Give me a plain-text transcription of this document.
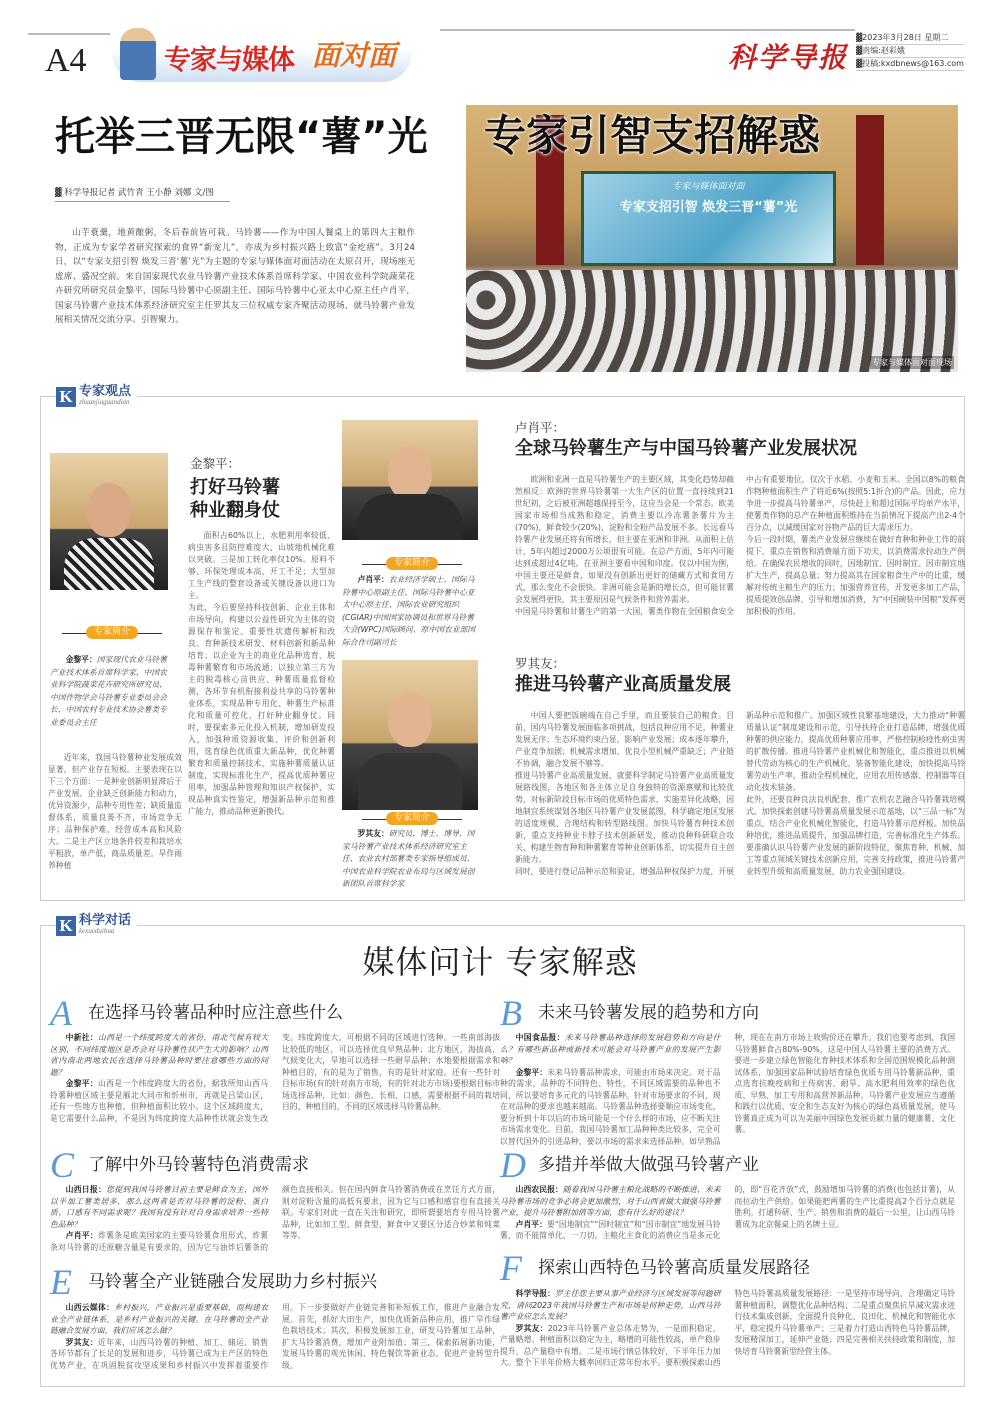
A4	专家与媒体 面对面	科学导报
▓2023年3月28日 星期二
▓责编:赵彩娥
▓投稿:kxdbnews@163.com
专家与媒体面对面
专家支招引智 焕发三晋“薯”光
专家引智支招解惑
专家与媒体面对面现场
托举三晋无限“薯”光
▓ 科学导报记者 武竹青 王小静 刘娜 文/图
山芋蓑羹，地黄酿粥，冬后春前皆可栽。马铃薯——作为中国人餐桌上的第四大主粮作物，正成为专家学者研究探索的食界“新宠儿”，亦成为乡村振兴路上致富“金疙瘩”。3月24日，以“专家支招引智 焕发三晋‘薯’光”为主题的专家与媒体面对面活动在太原召开，现场座无虚席、盛况空前。来自国家现代农业马铃薯产业技术体系首席科学家、中国农业科学院蔬菜花卉研究所研究员金黎平，国际马铃薯中心原副主任、国际马铃薯中心亚太中心原主任卢肖平，国家马铃薯产业技术体系经济研究室主任罗其友三位权威专家齐聚活动现场，就马铃薯产业发展相关情况交流分享、引智聚力。
K 专家观点
zhuanjiaguandian
金黎平：
打好马铃薯
种业翻身仗
专家简介
金黎平：国家现代农业马铃薯产业技术体系首席科学家、中国农业科学院蔬菜花卉研究所研究员、中国作物学会马铃薯专业委员会会长、中国农村专业技术协会薯类专业委员会主任
近年来，我国马铃薯种业发展成效显著，但产业存在短板。主要表现在以下三个方面：一是种业创新明显滞后于产业发展。企业缺乏创新能力和动力，优异资源少，品种专用性差；缺质量监督体系，质量良莠不齐，市场竞争无序；品种保护难，经营成本高和风险大。二是主产区立地条件较差和栽培水平粗放，单产低，商品质量差。旱作雨养种植
面积占60%以上，水肥利用率较低、病虫害多且防控难度大、山坡地机械化难以突破。三是加工转化率仅10%。原料不够、环保处理成本高，开工不足；大型加工生产线的整套设备或关键设备以进口为主。
为此，今后要坚持科技创新、企业主体和市场导向，构建以公益性研究为主体的资源保存和鉴定、重要性状遗传解析和改良、育种新技术研发、材料创新和新品种培育；以企业为主的商业化品种选育、脱毒种薯繁育和市场流通；以独立第三方为主的脱毒核心苗供应、种薯质量监督检测，各环节有机衔接利益共享的马铃薯种业体系，实现品种专用化、种薯生产标准化和质量可控化，打好种业翻身仗。同时，要探索多元化投入机制，增加研发投入，加强种质资源收集、评价和创新利用，选育绿色优质重大新品种，优化种薯繁育和质量控制技术，实施种薯质量认证制度，实现标准化生产，提高优质种薯应用率，加强品种管理和知识产权保护，实现品种真实性鉴定，增强新品种示范和推广能力，推动品种更新换代。
专家简介
卢肖平：农业经济学硕士、国际马铃薯中心原副主任、国际马铃薯中心亚太中心原主任、国际农业研究组织(CGIAR)中国国家协调员和世界马铃薯大会(WPC)国际顾问、原中国农业部国际合作司副司长
专家简介
罗其友：研究员、博士、博导、国家马铃薯产业技术体系经济研究室主任、农业农村部薯类专家指导组成员、中国农业科学院农业布局与区域发展创新团队首席科学家
卢肖平：
全球马铃薯生产与中国马铃薯产业发展状况
欧洲和亚洲一直是马铃薯生产的主要区域，其变化趋势却截然相反：欧洲的世界马铃薯第一大生产区的位置一直持续到21世纪初，之后被亚洲超越保持至今，这应当会是一个常态。欧美国家市场相当成熟和稳定，消费主要以冷冻薯条薯片为主(70%)，鲜食较少(20%)，淀粉和全粉产品发展不多。长远看马铃薯产业发展还将有所增长，但主要在亚洲和非洲。从面积上估计，5年内超过2000万公顷很有可能。在总产方面，5年内可能达到或超过4亿吨。在亚洲主要看中国和印度。仅以中国为例，中国主要还是鲜食，如果没有创新出更好的储藏方式和食用方式，那么变化不会很快。非洲可能会是新的增长点，但可能甘薯会发展得更快，其主要原因是气候条件和营养需求。
中国是马铃薯和甘薯生产的第一大国，薯类作物在全国粮食安全中占有重要地位，仅次于水稻、小麦和玉米。全国以8%的粮食作物种植面积生产了将近6%(按照5:1折合)的产品。因此，应力争进一步提高马铃薯单产，尽快赶上和超过国际平均单产水平，使薯类作物的总产在种植面积维持在当前情况下提高产出2-4个百分点，以减缓国家对谷物产品的巨大需求压力。
今后一段时期，薯类产业发展应继续在做好育种和种业工作的前提下，重点在销售和消费端方面下功夫，以消费需求拉动生产供给。在确保农民增收的同时，因地制宜、因时制宜、因市制宜地扩大生产，提高总量；努力提高其在国家粮食生产中的比重，缓解对传统主粮生产的压力；加强营养宣传，开发更多加工产品，提质提效创品牌，引导和增加消费，为“中国碗装中国粮”发挥更加积极的作用。
罗其友：
推进马铃薯产业高质量发展
中国人要把饭碗端在自己手里，而且要装自己的粮食。目前，国内马铃薯发展面临多项挑战，包括良种应用不足，种薯业发展无序；生态环境约束凸显，影响产业发展；成本逐年攀升，产业竞争加剧；机械需求增加，优良小型机械严重缺乏；产业链不协调，融合发展不够等。
推进马铃薯产业高质量发展，就要科学制定马铃薯产业高质量发展路线图，各地区和各主体立足自身独特的资源禀赋和比较优势，对标新阶段目标市场的优质特色需求，实施差异化战略，因地制宜系统谋划各地区马铃薯产业发展蓝图，科学确定地区发展的适度规模、合理结构和转型路线图。加快马铃薯育种技术创新，重点支持种业卡脖子技术创新研发，推动良种科研联合攻关，构建生物育种和种薯繁育等种业创新体系，切实提升自主创新能力。
同时，要进行登记品种示范和验证，增强品种权保护力度，开展新品种示范和推广。加强区域性良繁基地建设，大力推动“种薯质量认证”制度建设和示范，引导扶持企业打造品牌，增强优质种薯的供应能力，提高优质种薯应用率，严格控制检疫性病虫害的扩散传播。推进马铃薯产业机械化和智能化，重点推进以机械替代劳动为核心的生产机械化、装备智能化建设，加快提高马铃薯劳动生产率，推动全程机械化，应用农用传感器、控制器等自动化技术装备。
此外，还要良种良法良机配套，推广农机农艺融合马铃薯栽培模式。加快探索创建马铃薯高质量发展示范基地，以“三品一标”为重点，结合产业化机械化智能化，打造马铃薯示范样板。加快品种培优，推进品质提升，加强品牌打造，完善标准化生产体系。要准确认识马铃薯产业发展的新阶段特征，聚焦育种、机械、加工等重点领域关键技术创新应用，完善支持政策，推进马铃薯产业转型升级和高质量发展，助力农业强国建设。
K 科学对话
kexueduihua
媒体问计 专家解惑
A 在选择马铃薯品种时应注意些什么

中新社：山西是一个纬度跨度大的省份，南北气候有较大区别，不同纬度地区是否会对马铃薯性状产生大的影响？山西省内南北两地农民在选择马铃薯品种时要注意哪些方面的问题？

金黎平：山西是一个纬度跨度大的省份，据我所知山西马铃薯种植区域主要是雁北大同市和忻州市，再就是吕梁山区，还有一些地方也种植，但种植面积比较小。这个区域跨度大，是它需要什么品种，不是因为纬度跨度大品种性状就会发生改变。纬度跨度大，可根据不同的区域进行选种。一些南部海拔比较低的地区，可以选择优良早熟品种；北方地区，海拔高，气候变化大，旱地可以选择一些耐旱品种；水地要根据需求和种植目的，有的是为了销售，有的是针对家庭。还有一些针对目标市场(有的针对南方市场，有的针对北方市场)要根据目标市场选择品种，比如：颜色、长相、口感，需要根据不同的栽培目的、种植目的，不同的区域选择马铃薯品种。

B 未来马铃薯发展的趋势和方向

中国食品报：未来马铃薯品种选择的发展趋势和方向是什么？有哪些新品种或新技术可能会对马铃薯产业的发展产生影响？

金黎平：未来马铃薯品种需求，可能由市场来决定。对于品种的需求，品种的不同特色、特性，不同区域需要的品种也不同，所以要培育多元化的马铃薯品种。针对市场要求的不同，现在对品种的要求也越来越高。马铃薯品种选择要顺应市场变化，要分析到十年以后的市场可能是一个什么样的市场，应不断关注市场需求变化。目前，我国马铃薯加工品种种类比较多，完全可以替代国外的引进品种，要以市场的需求来选择品种。如早熟品种，现在在南方市场上收购价还在攀升。我们也要考虑到，我国马铃薯鲜食占80%-90%，这是中国人马铃薯主要的消费方式。要进一步建立绿色智能化育种技术体系和全国范围规模化品种测试体系，加强国家品种试验培育绿色优质专用马铃薯新品种，重点选育抗晚疫病和土传病害、耐旱、高水肥利用效率的绿色优质、早熟、加工专用和高营养新品种。马铃薯产业发展应当遵循和践行以优质、安全和生态友好为核心的绿色高质量发展，使马铃薯真正成为可以为美丽中国绿色发展贡献力量的健康薯、文化薯。

C 了解中外马铃薯特色消费需求

山西日报：您提到我国马铃薯目前主要是鲜食为主，国外以半加工薯类居多，那么这两者是否对马铃薯的淀粉、蛋白质、口感有不同需求呢？我国有没有针对自身需求培养一些特色品种？

卢肖平：炸薯条是欧美国家的主要马铃薯食用形式，炸薯条对马铃薯的还原糖含量是有要求的，因为它与油炸后薯条的颜色直接相关。但在国内鲜食马铃薯消费或在烹饪方式方面，则对淀粉含量的高低有要求，因为它与口感和感官也有直接关联。专家们对此一直在关注和研究，即所谓要培育专用马铃薯品种，比如加工型、鲜食型，鲜食中又要区分适合炒菜和炖菜等等。

D 多措并举做大做强马铃薯产业

山西农民报：随着我国马铃薯主粮化战略的不断推进，未来马铃薯市场的竞争必将会更加激烈，对于山西省做大做强马铃薯产业，提升马铃薯附加值等方面，您有什么好的建议？

卢肖平：要“因地制宜”“因时制宜”和“因市制宜”地发展马铃薯，而不能简单化、一刀切。主粮化主食化的消费应当是多元化的，即“百花齐放”式，鼓励增加马铃薯的消费(也包括甘薯)，从而拉动生产供给。如果能把两薯的生产比重提高2个百分点就是胜利。打通科研、生产、销售和消费的最后一公里，让山西马铃薯成为北京餐桌上的名牌土豆。

E 马铃薯全产业链融合发展助力乡村振兴

山西云媒体：乡村振兴，产业振兴是重要基础，而构建农业全产业链体系，是乡村产业振兴的关键。在马铃薯的全产业链融合发展方面，我们应该怎么做？

罗其友：近年来，山西马铃薯的种植、加工、储运、销售各环节都有了长足的发展和进步，马铃薯已成为主产区的特色优势产业，在巩固脱贫攻坚成果和乡村振兴中发挥着重要作用。下一步要做好产业链完善和补短板工作，推进产业融合发展。首先，抓好大田生产，加快优质新品种应用，推广旱作绿色栽培技术；其次，积极发展加工业，研发马铃薯加工品种，扩大马铃薯消费，增加产业附加值；第三，探索拓展新功能，发展马铃薯的观光休闲、特色餐饮等新业态，促进产业转型升级。

F 探索山西特色马铃薯高质量发展路径

科学导报：罗主任您主要从事产业经济与区域发展等问题研究，请问2023年我国马铃薯生产和市场是何种走势，山西马铃薯产业应怎么发展？

罗其友：2023年马铃薯产业总体走势为，一是面积稳定，产量略增。种植面积以稳定为主，略增的可能性较高，单产稳步提升，总产量稳中有增。二是市场行情总体较好，下半年压力加大。整个下半年价格大概率回归正常年份水平。要积极探索山西特色马铃薯高质量发展路径：一是坚持市场导向，合理确定马铃薯种植面积，调整优化品种结构；二是重点聚焦抗旱减灾需求进行技术集成创新，全面提升良种化、良田化、机械化和智能化水平，稳定提升马铃薯单产；三是着力打造山西特色马铃薯品牌，发展精深加工，延伸产业链；四是完善相关扶持政策和制度，加快培育马铃薯新型经营主体。
